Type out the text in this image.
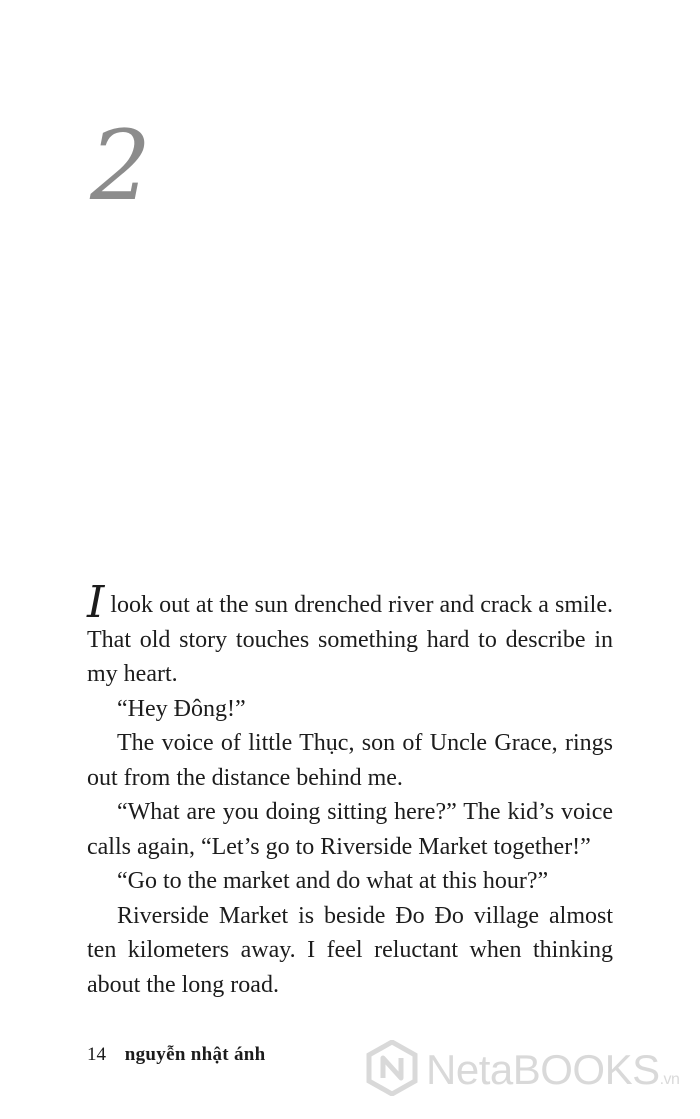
2

Ilook out at the sun drenched river and crack a smile. That old story touches something hard to describe in my heart.

“Hey Đông!”

The voice of little Thục, son of Uncle Grace, rings out from the distance behind me.

“What are you doing sitting here?” The kid’s voice calls again, “Let’s go to Riverside Market together!”

“Go to the market and do what at this hour?”

Riverside Market is beside Đo Đo village almost ten kilometers away. I feel reluctant when thinking about the long road.

14 nguyễn nhật ánh	NetaBOOKS.vn
